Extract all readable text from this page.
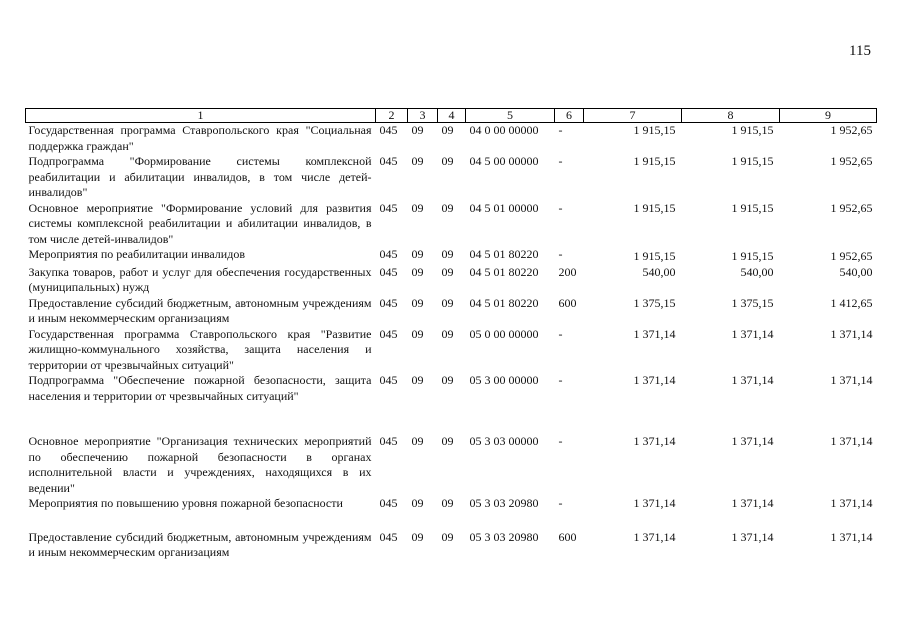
115
1	2	3	4	5	6	7	8	9
Государственная программа Ставропольского края "Социальная поддержка граждан"	045	09	09	04 0 00 00000	-	1 915,15	1 915,15	1 952,65
Подпрограмма "Формирование системы комплексной реабилитации и абилитации инвалидов, в том числе детей-инвалидов"	045	09	09	04 5 00 00000	-	1 915,15	1 915,15	1 952,65
Основное мероприятие "Формирование условий для развития системы комплексной реабилитации и абилитации инвалидов, в том числе детей-инвалидов"	045	09	09	04 5 01 00000	-	1 915,15	1 915,15	1 952,65
Мероприятия по реабилитации инвалидов	045	09	09	04 5 01 80220	-	1 915,15	1 915,15	1 952,65
Закупка товаров, работ и услуг для обеспечения государственных (муниципальных) нужд	045	09	09	04 5 01 80220	200	540,00	540,00	540,00
Предоставление субсидий бюджетным, автономным учреждениям и иным некоммерческим организациям	045	09	09	04 5 01 80220	600	1 375,15	1 375,15	1 412,65
Государственная программа Ставропольского края "Развитие жилищно-коммунального хозяйства, защита населения и территории от чрезвычайных ситуаций"	045	09	09	05 0 00 00000	-	1 371,14	1 371,14	1 371,14
Подпрограмма "Обеспечение пожарной безопасности, защита населения и территории от чрезвычайных ситуаций"	045	09	09	05 3 00 00000	-	1 371,14	1 371,14	1 371,14
Основное мероприятие "Организация технических мероприятий по обеспечению пожарной безопасности в органах исполнительной власти и учреждениях, находящихся в их ведении"	045	09	09	05 3 03 00000	-	1 371,14	1 371,14	1 371,14
Мероприятия по повышению уровня пожарной безопасности	045	09	09	05 3 03 20980	-	1 371,14	1 371,14	1 371,14
Предоставление субсидий бюджетным, автономным учреждениям и иным некоммерческим организациям	045	09	09	05 3 03 20980	600	1 371,14	1 371,14	1 371,14
